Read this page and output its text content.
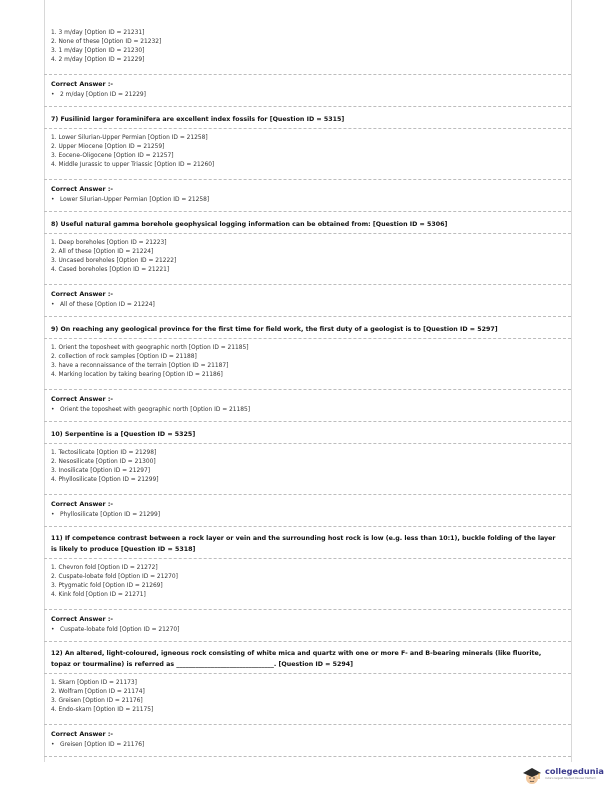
1. 3 m/day [Option ID = 21231]
2. None of these [Option ID = 21232]
3. 1 m/day [Option ID = 21230]
4. 2 m/day [Option ID = 21229]
Correct Answer :-
• 2 m/day [Option ID = 21229]
7) Fusilinid larger foraminifera are excellent index fossils for [Question ID = 5315]
1. Lower Silurian-Upper Permian [Option ID = 21258]
2. Upper Miocene [Option ID = 21259]
3. Eocene-Oligocene [Option ID = 21257]
4. Middle Jurassic to upper Triassic [Option ID = 21260]
Correct Answer :-
• Lower Silurian-Upper Permian [Option ID = 21258]
8) Useful natural gamma borehole geophysical logging information can be obtained from: [Question ID = 5306]
1. Deep boreholes [Option ID = 21223]
2. All of these [Option ID = 21224]
3. Uncased boreholes [Option ID = 21222]
4. Cased boreholes [Option ID = 21221]
Correct Answer :-
• All of these [Option ID = 21224]
9) On reaching any geological province for the first time for field work, the first duty of a geologist is to [Question ID = 5297]
1. Orient the toposheet with geographic north [Option ID = 21185]
2. collection of rock samples [Option ID = 21188]
3. have a reconnaissance of the terrain [Option ID = 21187]
4. Marking location by taking bearing [Option ID = 21186]
Correct Answer :-
• Orient the toposheet with geographic north [Option ID = 21185]
10) Serpentine is a [Question ID = 5325]
1. Tectosilicate [Option ID = 21298]
2. Nesosilicate [Option ID = 21300]
3. Inosilicate [Option ID = 21297]
4. Phyllosilicate [Option ID = 21299]
Correct Answer :-
• Phyllosilicate [Option ID = 21299]
11) If competence contrast between a rock layer or vein and the surrounding host rock is low (e.g. less than 10:1), buckle folding of the layer is likely to produce [Question ID = 5318]
1. Chevron fold [Option ID = 21272]
2. Cuspate-lobate fold [Option ID = 21270]
3. Ptygmatic fold [Option ID = 21269]
4. Kink fold [Option ID = 21271]
Correct Answer :-
• Cuspate-lobate fold [Option ID = 21270]
12) An altered, light-coloured, igneous rock consisting of white mica and quartz with one or more F- and B-bearing minerals (like fluorite, topaz or tourmaline) is referred as _______________________________. [Question ID = 5294]
1. Skarn [Option ID = 21173]
2. Wolfram [Option ID = 21174]
3. Greisen [Option ID = 21176]
4. Endo-skarn [Option ID = 21175]
Correct Answer :-
• Greisen [Option ID = 21176]
collegedunia
India's largest Student Review Platform
